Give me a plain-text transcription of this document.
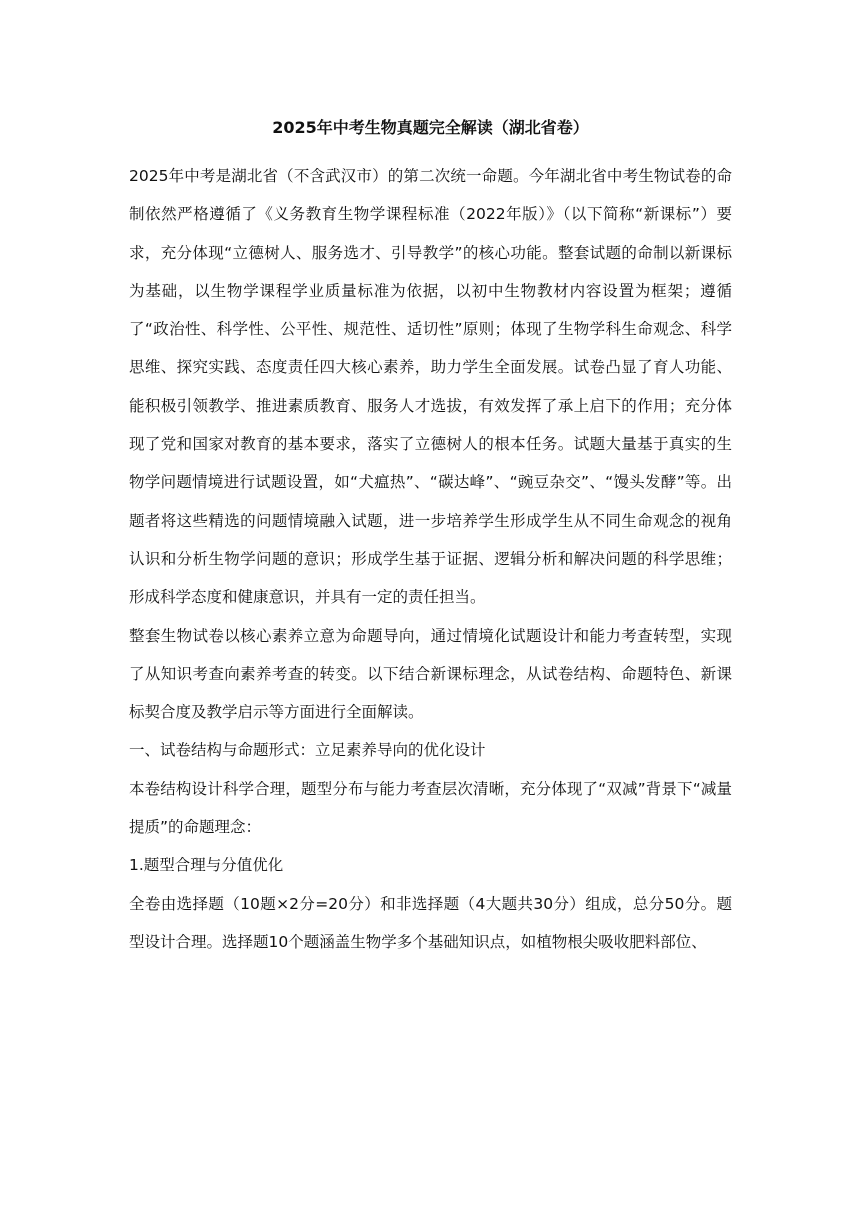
2025年中考生物真题完全解读（湖北省卷）

2025年中考是湖北省（不含武汉市）的第二次统一命题。今年湖北省中考生物试卷的命制依然严格遵循了《义务教育生物学课程标准（2022年版）》（以下简称“新课标”）要求，充分体现“立德树人、服务选才、引导教学”的核心功能。整套试题的命制以新课标为基础，以生物学课程学业质量标准为依据，以初中生物教材内容设置为框架；遵循了“政治性、科学性、公平性、规范性、适切性”原则；体现了生物学科生命观念、科学思维、探究实践、态度责任四大核心素养，助力学生全面发展。试卷凸显了育人功能、能积极引领教学、推进素质教育、服务人才选拔，有效发挥了承上启下的作用；充分体现了党和国家对教育的基本要求，落实了立德树人的根本任务。试题大量基于真实的生物学问题情境进行试题设置，如“犬瘟热”、“碳达峰”、“豌豆杂交”、“馒头发酵”等。出题者将这些精选的问题情境融入试题，进一步培养学生形成学生从不同生命观念的视角认识和分析生物学问题的意识；形成学生基于证据、逻辑分析和解决问题的科学思维；形成科学态度和健康意识，并具有一定的责任担当。

整套生物试卷以核心素养立意为命题导向，通过情境化试题设计和能力考查转型，实现了从知识考查向素养考查的转变。以下结合新课标理念，从试卷结构、命题特色、新课标契合度及教学启示等方面进行全面解读。

一、试卷结构与命题形式：立足素养导向的优化设计

本卷结构设计科学合理，题型分布与能力考查层次清晰，充分体现了“双减”背景下“减量提质”的命题理念：

1.题型合理与分值优化

全卷由选择题（10题×2分=20分）和非选择题（4大题共30分）组成，总分50分。题型设计合理。选择题10个题涵盖生物学多个基础知识点，如植物根尖吸收肥料部位、
